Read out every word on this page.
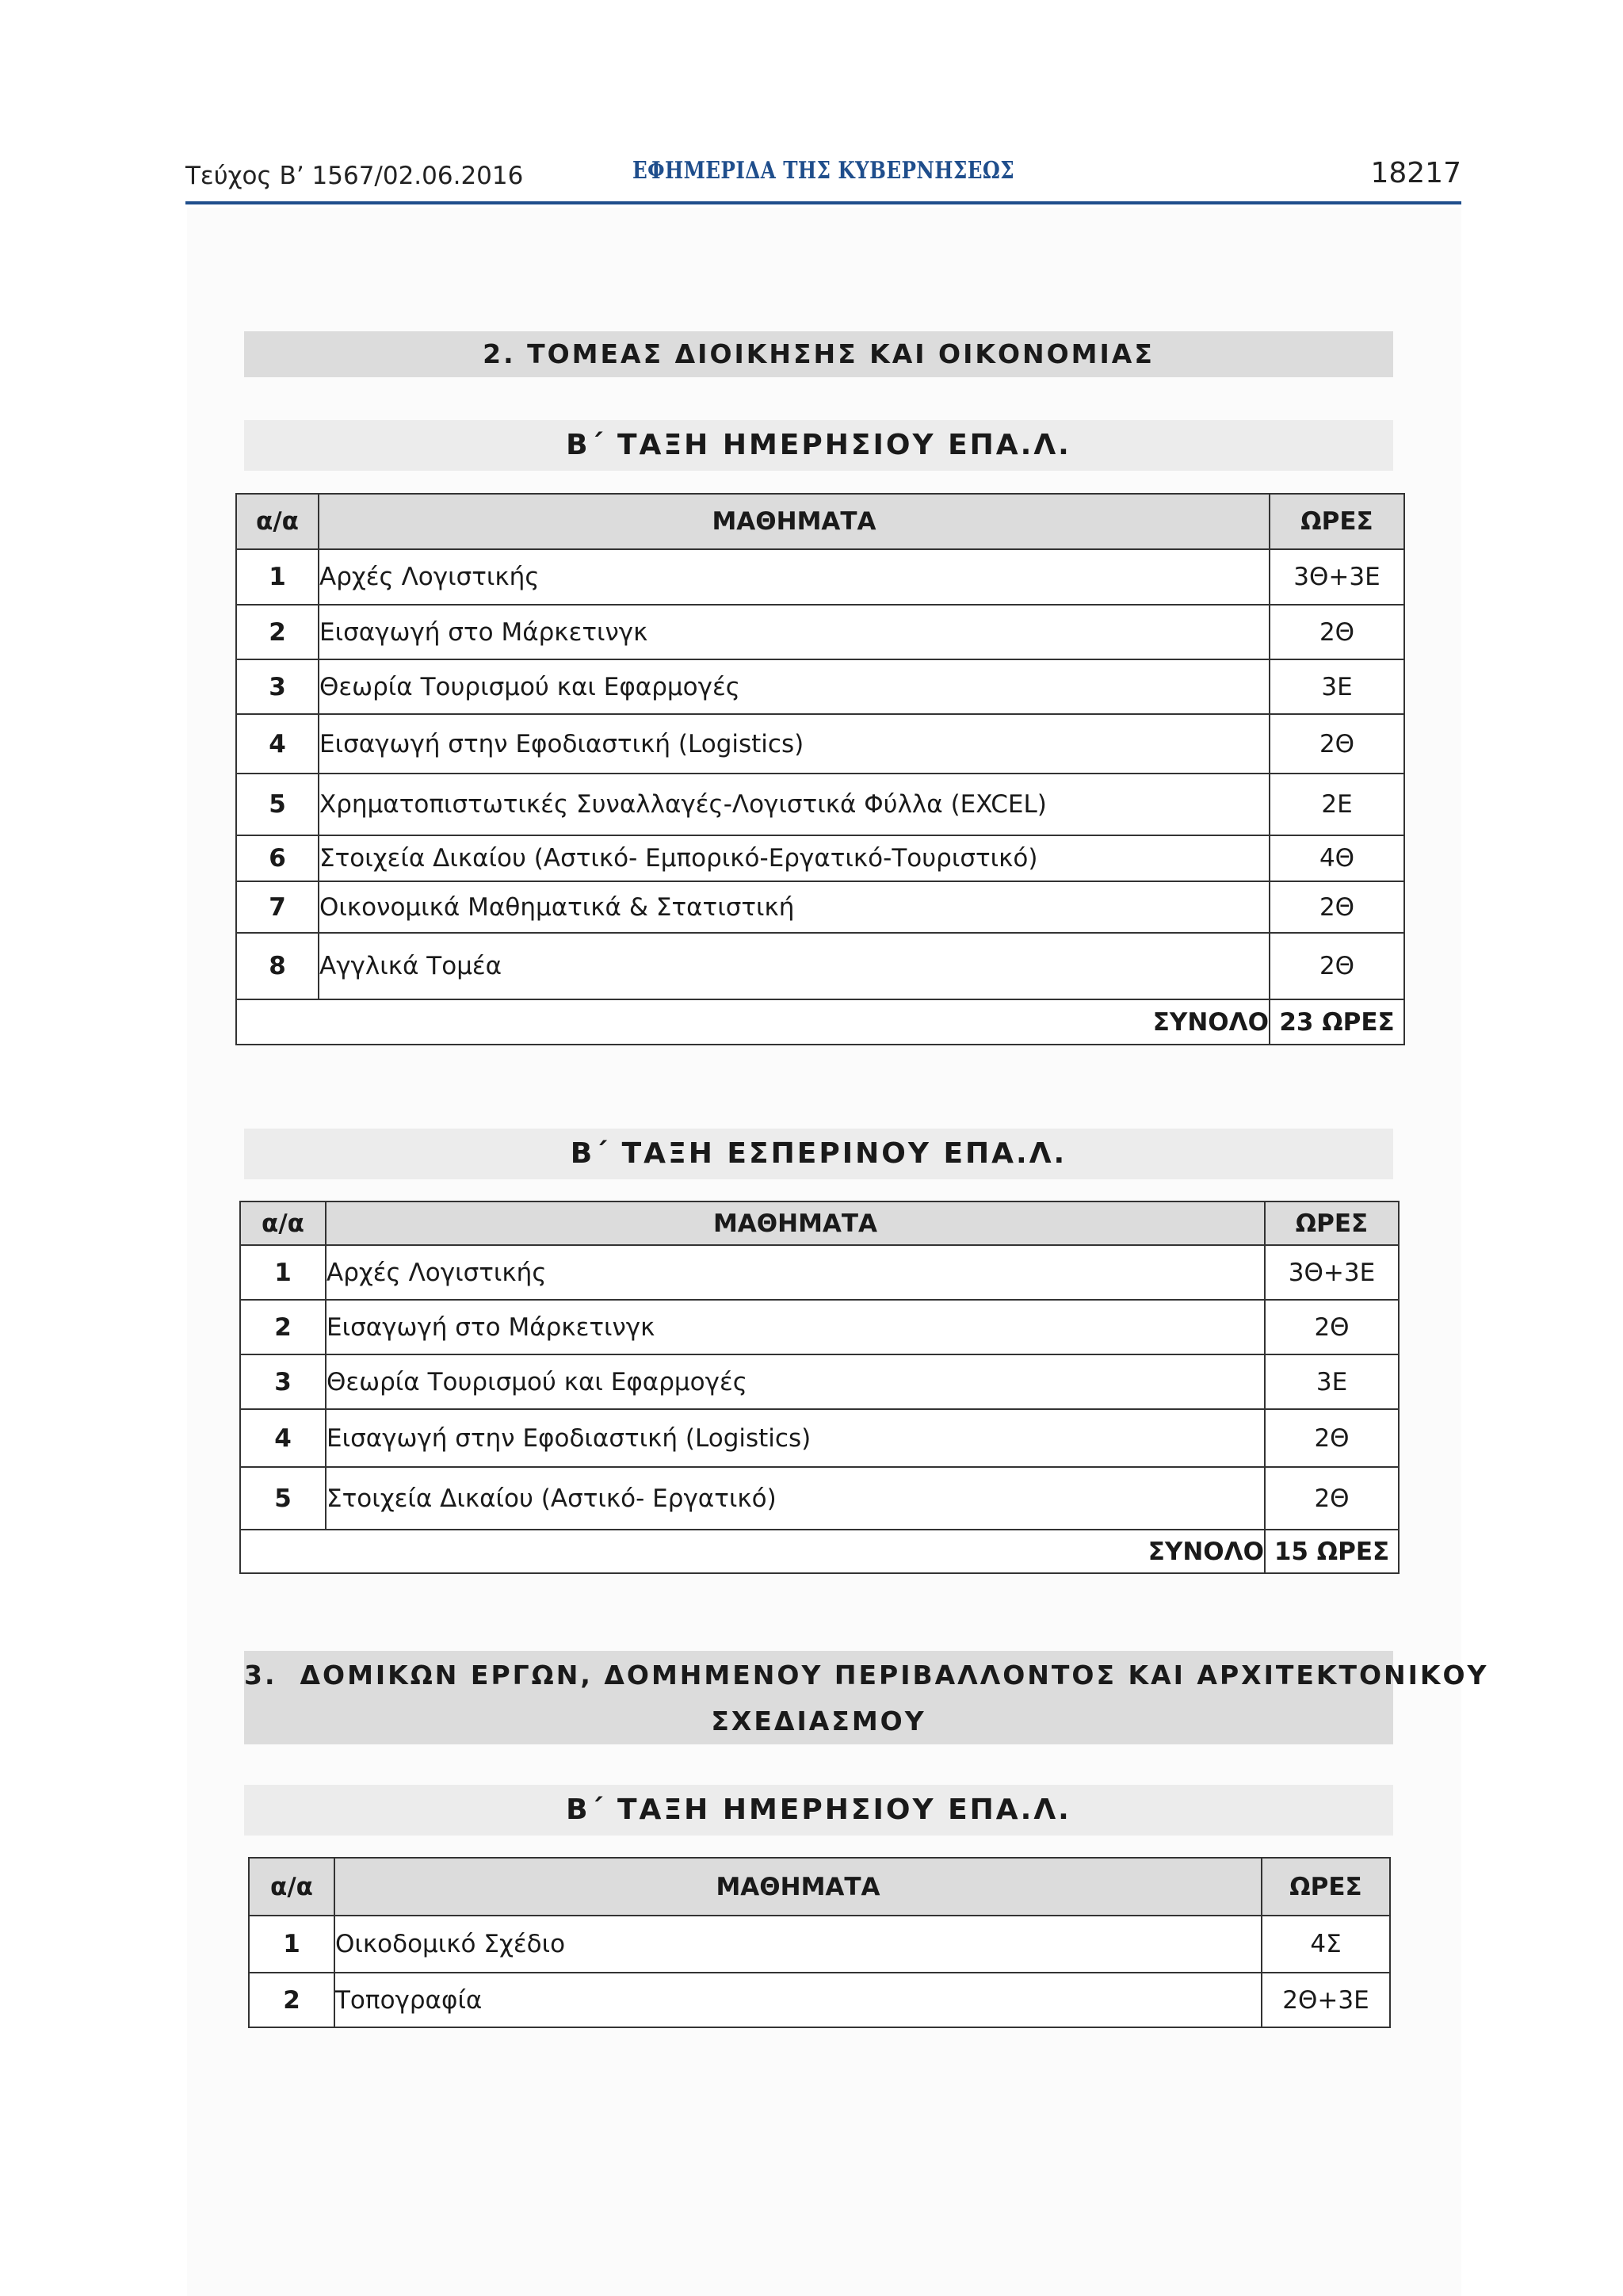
Τεύχος Β’ 1567/02.06.2016	ΕΦΗΜΕΡΙΔΑ ΤΗΣ ΚΥΒΕΡΝΗΣΕΩΣ	18217
2. ΤΟΜΕΑΣ ΔΙΟΙΚΗΣΗΣ ΚΑΙ ΟΙΚΟΝΟΜΙΑΣ
Β΄ ΤΑΞΗ ΗΜΕΡΗΣΙΟΥ ΕΠΑ.Λ.
α/α	ΜΑΘΗΜΑΤΑ	ΩΡΕΣ
1	Αρχές Λογιστικής	3Θ+3Ε
2	Εισαγωγή στο Μάρκετινγκ	2Θ
3	Θεωρία Τουρισμού και Εφαρμογές	3Ε
4	Εισαγωγή στην Εφοδιαστική (Logistics)	2Θ
5	Χρηματοπιστωτικές Συναλλαγές-Λογιστικά Φύλλα (EXCEL)	2Ε
6	Στοιχεία Δικαίου (Αστικό- Εμπορικό-Εργατικό-Τουριστικό)	4Θ
7	Οικονομικά Μαθηματικά & Στατιστική	2Θ
8	Αγγλικά Τομέα	2Θ
ΣΥΝΟΛΟ		23 ΩΡΕΣ
Β΄ ΤΑΞΗ ΕΣΠΕΡΙΝΟΥ ΕΠΑ.Λ.
α/α	ΜΑΘΗΜΑΤΑ	ΩΡΕΣ
1	Αρχές Λογιστικής	3Θ+3Ε
2	Εισαγωγή στο Μάρκετινγκ	2Θ
3	Θεωρία Τουρισμού και Εφαρμογές	3Ε
4	Εισαγωγή στην Εφοδιαστική (Logistics)	2Θ
5	Στοιχεία Δικαίου (Αστικό- Εργατικό)	2Θ
ΣΥΝΟΛΟ		15 ΩΡΕΣ
3.  ΔΟΜΙΚΩΝ ΕΡΓΩΝ, ΔΟΜΗΜΕΝΟΥ ΠΕΡΙΒΑΛΛΟΝΤΟΣ ΚΑΙ ΑΡΧΙΤΕΚΤΟΝΙΚΟΥ
ΣΧΕΔΙΑΣΜΟΥ
Β΄ ΤΑΞΗ ΗΜΕΡΗΣΙΟΥ ΕΠΑ.Λ.
α/α	ΜΑΘΗΜΑΤΑ	ΩΡΕΣ
1	Οικοδομικό Σχέδιο	4Σ
2	Τοπογραφία	2Θ+3Ε
